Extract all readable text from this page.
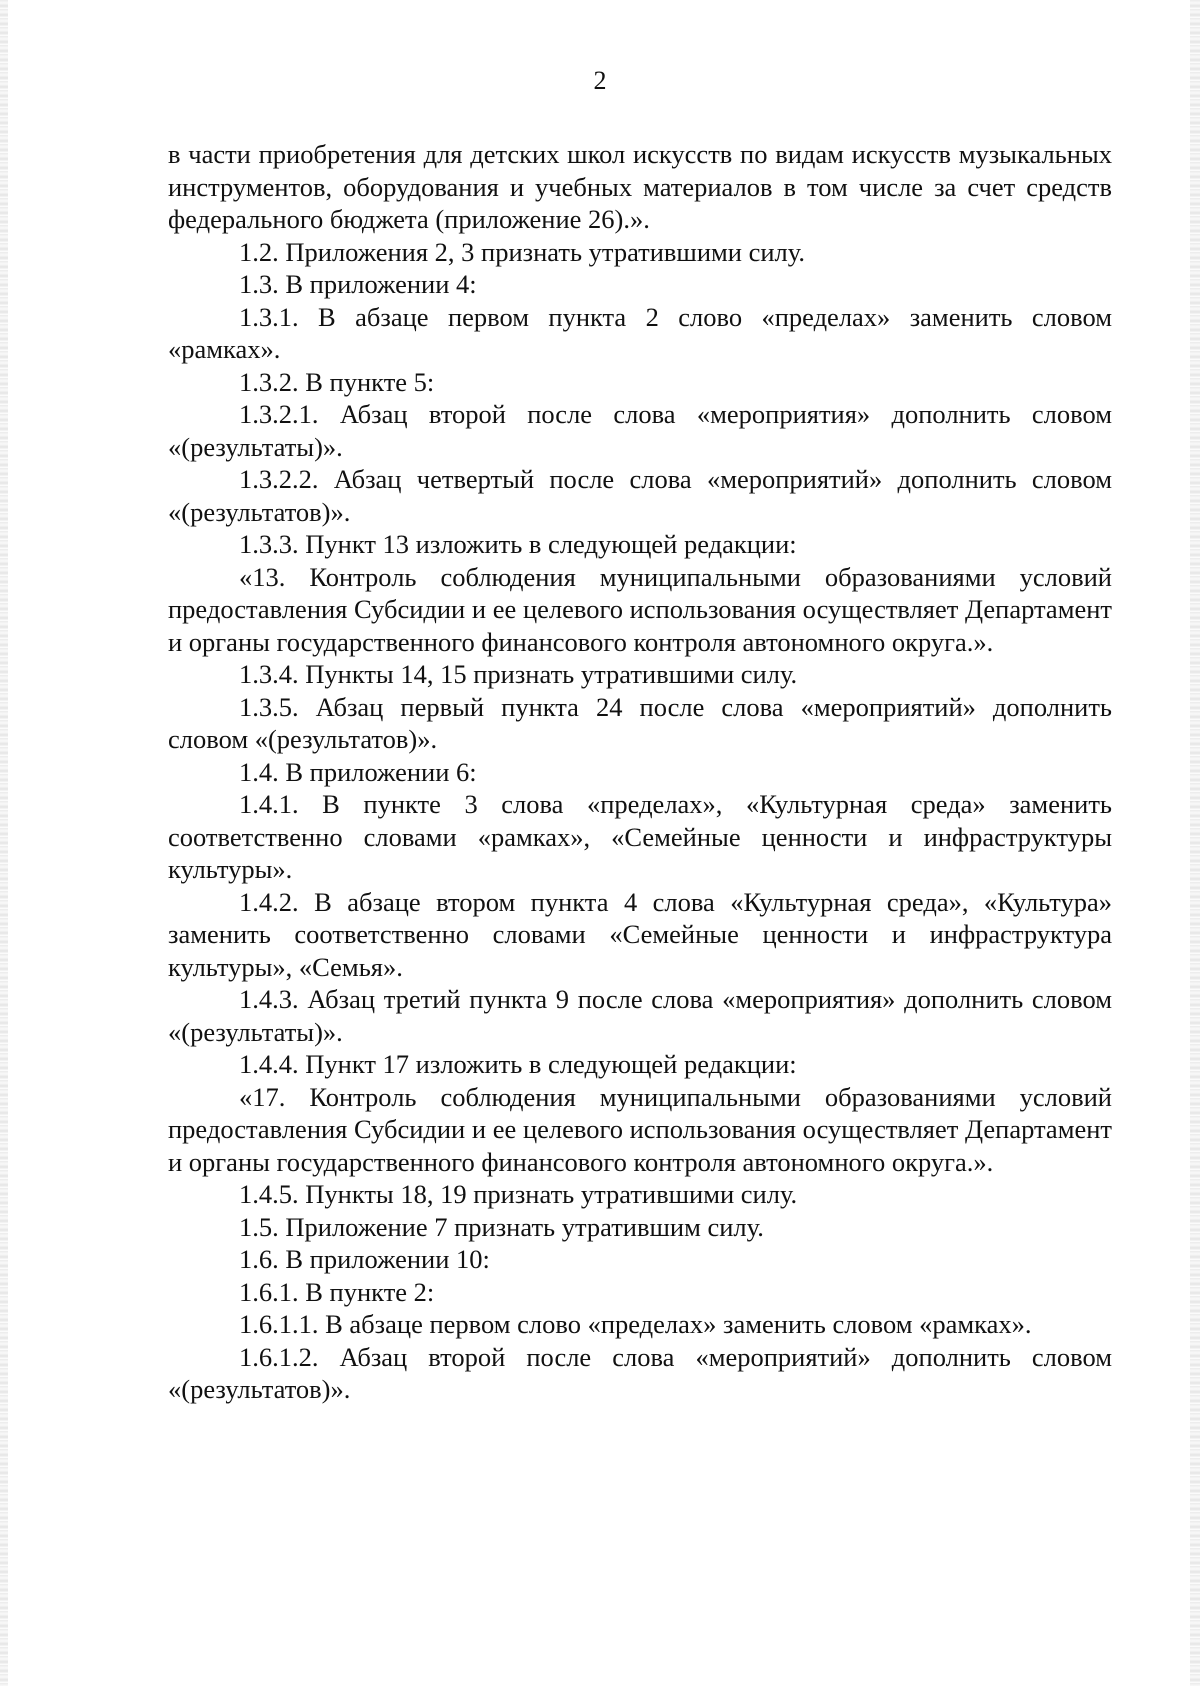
2

в части приобретения для детских школ искусств по видам искусств музыкальных инструментов, оборудования и учебных материалов в том числе за счет средств федерального бюджета (приложение 26).».

1.2. Приложения 2, 3 признать утратившими силу.

1.3. В приложении 4:

1.3.1. В абзаце первом пункта 2 слово «пределах» заменить словом «рамках».

1.3.2. В пункте 5:

1.3.2.1. Абзац второй после слова «мероприятия» дополнить словом «(результаты)».

1.3.2.2. Абзац четвертый после слова «мероприятий» дополнить словом «(результатов)».

1.3.3. Пункт 13 изложить в следующей редакции:

«13. Контроль соблюдения муниципальными образованиями условий предоставления Субсидии и ее целевого использования осуществляет Департамент и органы государственного финансового контроля автономного округа.».

1.3.4. Пункты 14, 15 признать утратившими силу.

1.3.5. Абзац первый пункта 24 после слова «мероприятий» дополнить словом «(результатов)».

1.4. В приложении 6:

1.4.1. В пункте 3 слова «пределах», «Культурная среда» заменить соответственно словами «рамках», «Семейные ценности и инфраструктуры культуры».

1.4.2. В абзаце втором пункта 4 слова «Культурная среда», «Культура» заменить соответственно словами «Семейные ценности и инфраструктура культуры», «Семья».

1.4.3. Абзац третий пункта 9 после слова «мероприятия» дополнить словом «(результаты)».

1.4.4. Пункт 17 изложить в следующей редакции:

«17. Контроль соблюдения муниципальными образованиями условий предоставления Субсидии и ее целевого использования осуществляет Департамент и органы государственного финансового контроля автономного округа.».

1.4.5. Пункты 18, 19 признать утратившими силу.

1.5. Приложение 7 признать утратившим силу.

1.6. В приложении 10:

1.6.1. В пункте 2:

1.6.1.1. В абзаце первом слово «пределах» заменить словом «рамках».

1.6.1.2. Абзац второй после слова «мероприятий» дополнить словом «(результатов)».
